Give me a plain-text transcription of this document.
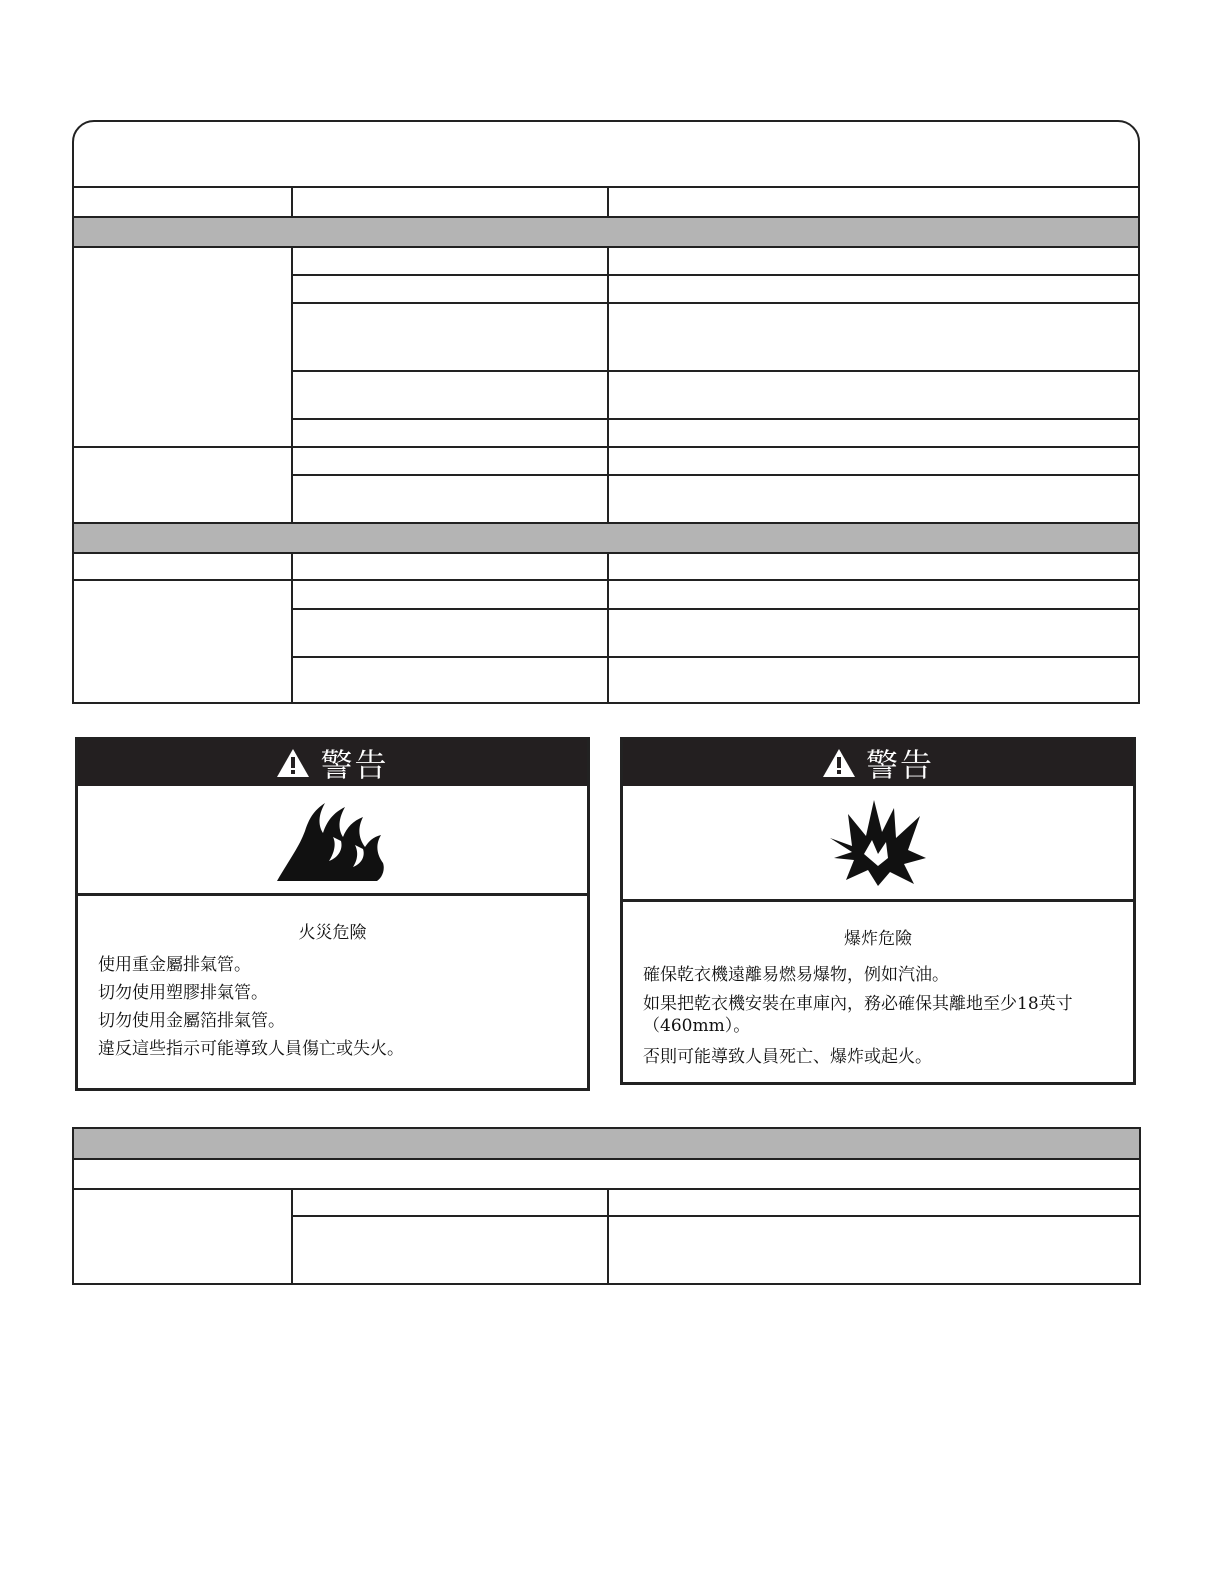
警告

火災危險

使用重金屬排氣管。

切勿使用塑膠排氣管。

切勿使用金屬箔排氣管。

違反這些指示可能導致人員傷亡或失火。

警告

爆炸危險

確保乾衣機遠離易燃易爆物，例如汽油。

如果把乾衣機安裝在車庫內，務必確保其離地至少18英寸（460mm）。

否則可能導致人員死亡、爆炸或起火。
